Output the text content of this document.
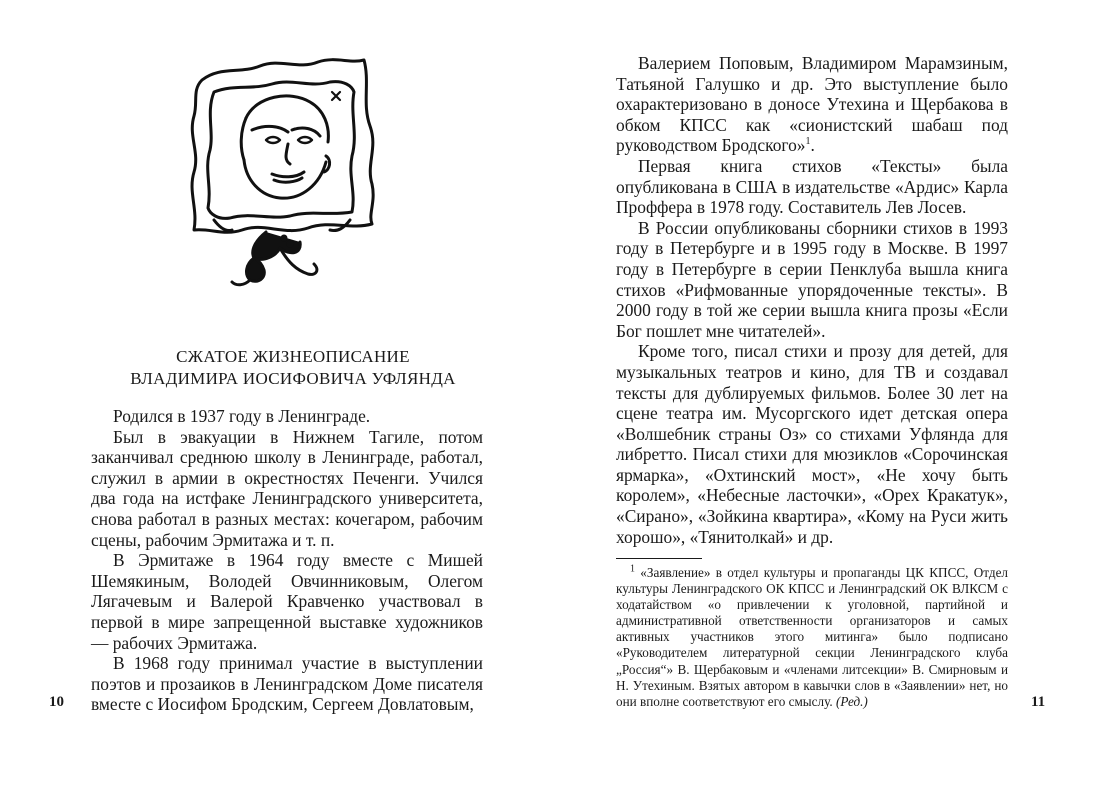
СЖАТОЕ ЖИЗНЕОПИСАНИЕ
ВЛАДИМИРА ИОСИФОВИЧА УФЛЯНДА

Родился в 1937 году в Ленинграде.

Был в эвакуации в Нижнем Тагиле, потом заканчивал среднюю школу в Ленинграде, работал, служил в армии в окрестностях Печенги. Учился два года на истфаке Ленинградского университета, снова работал в разных местах: кочегаром, рабочим сцены, рабочим Эрмитажа и т. п.

В Эрмитаже в 1964 году вместе с Мишей Шемякиным, Володей Овчинниковым, Олегом Лягачевым и Валерой Кравченко участвовал в первой в мире запрещенной выставке художников — рабочих Эрмитажа.

В 1968 году принимал участие в выступлении поэтов и прозаиков в Ленинградском Доме писателя вместе с Иосифом Бродским, Сергеем Довлатовым,

10

Валерием Поповым, Владимиром Марамзиным, Татьяной Галушко и др. Это выступление было охарактеризовано в доносе Утехина и Щербакова в обком КПСС как «сионистский шабаш под руководством Бродского»$^1$.

Первая книга стихов «Тексты» была опубликована в США в издательстве «Ардис» Карла Проффера в 1978 году. Составитель Лев Лосев.

В России опубликованы сборники стихов в 1993 году в Петербурге и в 1995 году в Москве. В 1997 году в Петербурге в серии Пенклуба вышла книга стихов «Рифмованные упорядоченные тексты». В 2000 году в той же серии вышла книга прозы «Если Бог пошлет мне читателей».

Кроме того, писал стихи и прозу для детей, для музыкальных театров и кино, для ТВ и создавал тексты для дублируемых фильмов. Более 30 лет на сцене театра им. Мусоргского идет детская опера «Волшебник страны Оз» со стихами Уфлянда для либретто. Писал стихи для мюзиклов «Сорочинская ярмарка», «Охтинский мост», «Не хочу быть королем», «Небесные ласточки», «Орех Кракатук», «Сирано», «Зойкина квартира», «Кому на Руси жить хорошо», «Тянитолкай» и др.

$^1$ «Заявление» в отдел культуры и пропаганды ЦК КПСС, Отдел культуры Ленинградского ОК КПСС и Ленинградский ОК ВЛКСМ с ходатайством «о привлечении к уголовной, партийной и административной ответственности организаторов и самых активных участников этого митинга» было подписано «Руководителем литературной секции Ленинградского клуба „Россия“» В. Щербаковым и «членами литсекции» В. Смирновым и Н. Утехиным. Взятых автором в кавычки слов в «Заявлении» нет, но они вполне соответствуют его смыслу. (Ред.)	11
